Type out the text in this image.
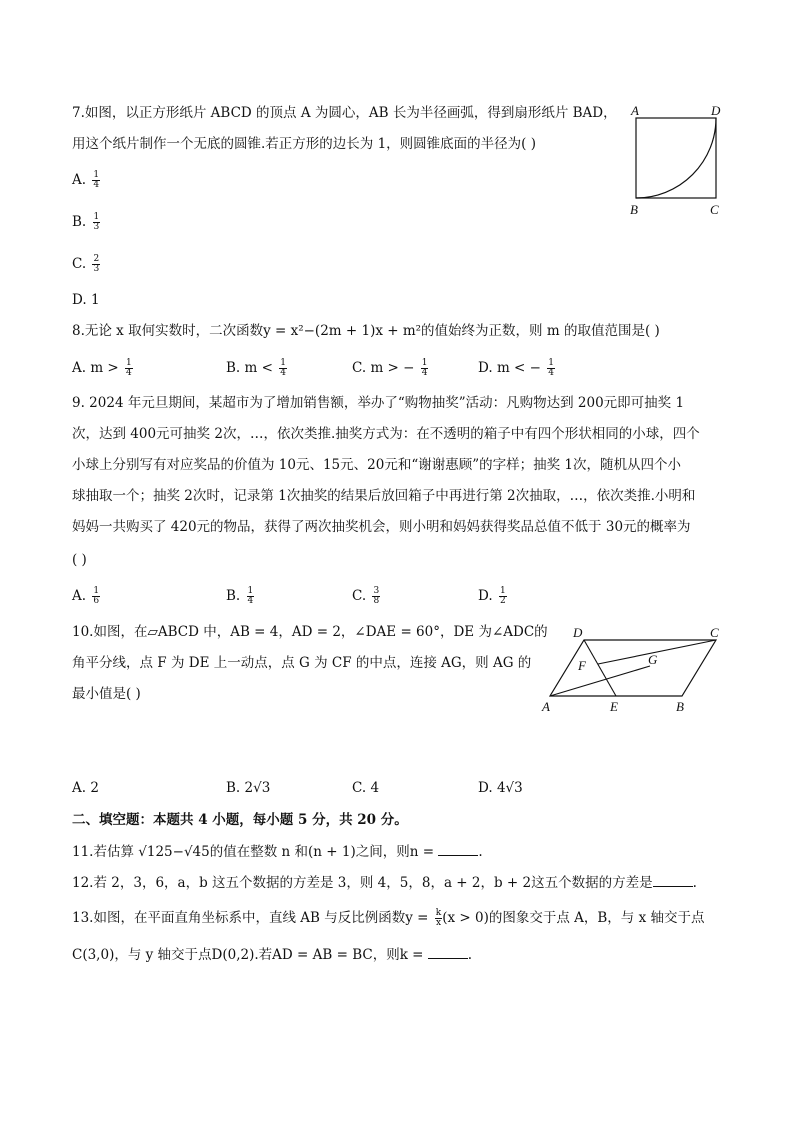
7.如图，以正方形纸片 ABCD 的顶点 A 为圆心，AB 长为半径画弧，得到扇形纸片 BAD，
用这个纸片制作一个无底的圆锥.若正方形的边长为 1，则圆锥底面的半径为( )
A. $\frac{1}{4}$
B. $\frac{1}{3}$
C. $\frac{2}{3}$
D. 1
A	D
B	C
8.无论 x 取何实数时，二次函数y = x²−(2m + 1)x + m²的值始终为正数，则 m 的取值范围是( )
A. $m > \frac{1}{4}$	B. $m < \frac{1}{4}$	C. m > − $\frac{1}{4}$	D. m < − $\frac{1}{4}$
9. 2024 年元旦期间，某超市为了增加销售额，举办了“购物抽奖”活动：凡购物达到 200元即可抽奖 1
次，达到 400元可抽奖 2次，…，依次类推.抽奖方式为：在不透明的箱子中有四个形状相同的小球，四个
小球上分别写有对应奖品的价值为 10元、15元、20元和“谢谢惠顾”的字样；抽奖 1次，随机从四个小
球抽取一个；抽奖 2次时，记录第 1次抽奖的结果后放回箱子中再进行第 2次抽取，…，依次类推.小明和
妈妈一共购买了 420元的物品，获得了两次抽奖机会，则小明和妈妈获得奖品总值不低于 30元的概率为
( )
A. $\frac{1}{6}$	B. $\frac{1}{4}$	C. $\frac{3}{8}$	D. $\frac{1}{2}$
10.如图，在▱ABCD 中，AB = 4，AD = 2，∠DAE = 60°，DE 为∠ADC的
角平分线，点 F 为 DE 上一动点，点 G 为 CF 的中点，连接 AG，则 AG 的
最小值是( )
D	C
F	G
A	E	B
A. 2	B. 2√3	C. 4	D. 4√3
二、填空题：本题共 4 小题，每小题 5 分，共 20 分。
11.若估算 √125−√45的值在整数 n 和(n + 1)之间，则n =	.
12.若 2，3，6，a，b 这五个数据的方差是 3，则 4，5，8，a + 2，b + 2这五个数据的方差是	.
13.如图，在平面直角坐标系中，直线 AB 与反比例函数$y = \frac{k}{x} (x > 0)$的图象交于点 A，B，与 x 轴交于点
C(3,0)，与 y 轴交于点D(0,2).若AD = AB = BC，则k =	.
